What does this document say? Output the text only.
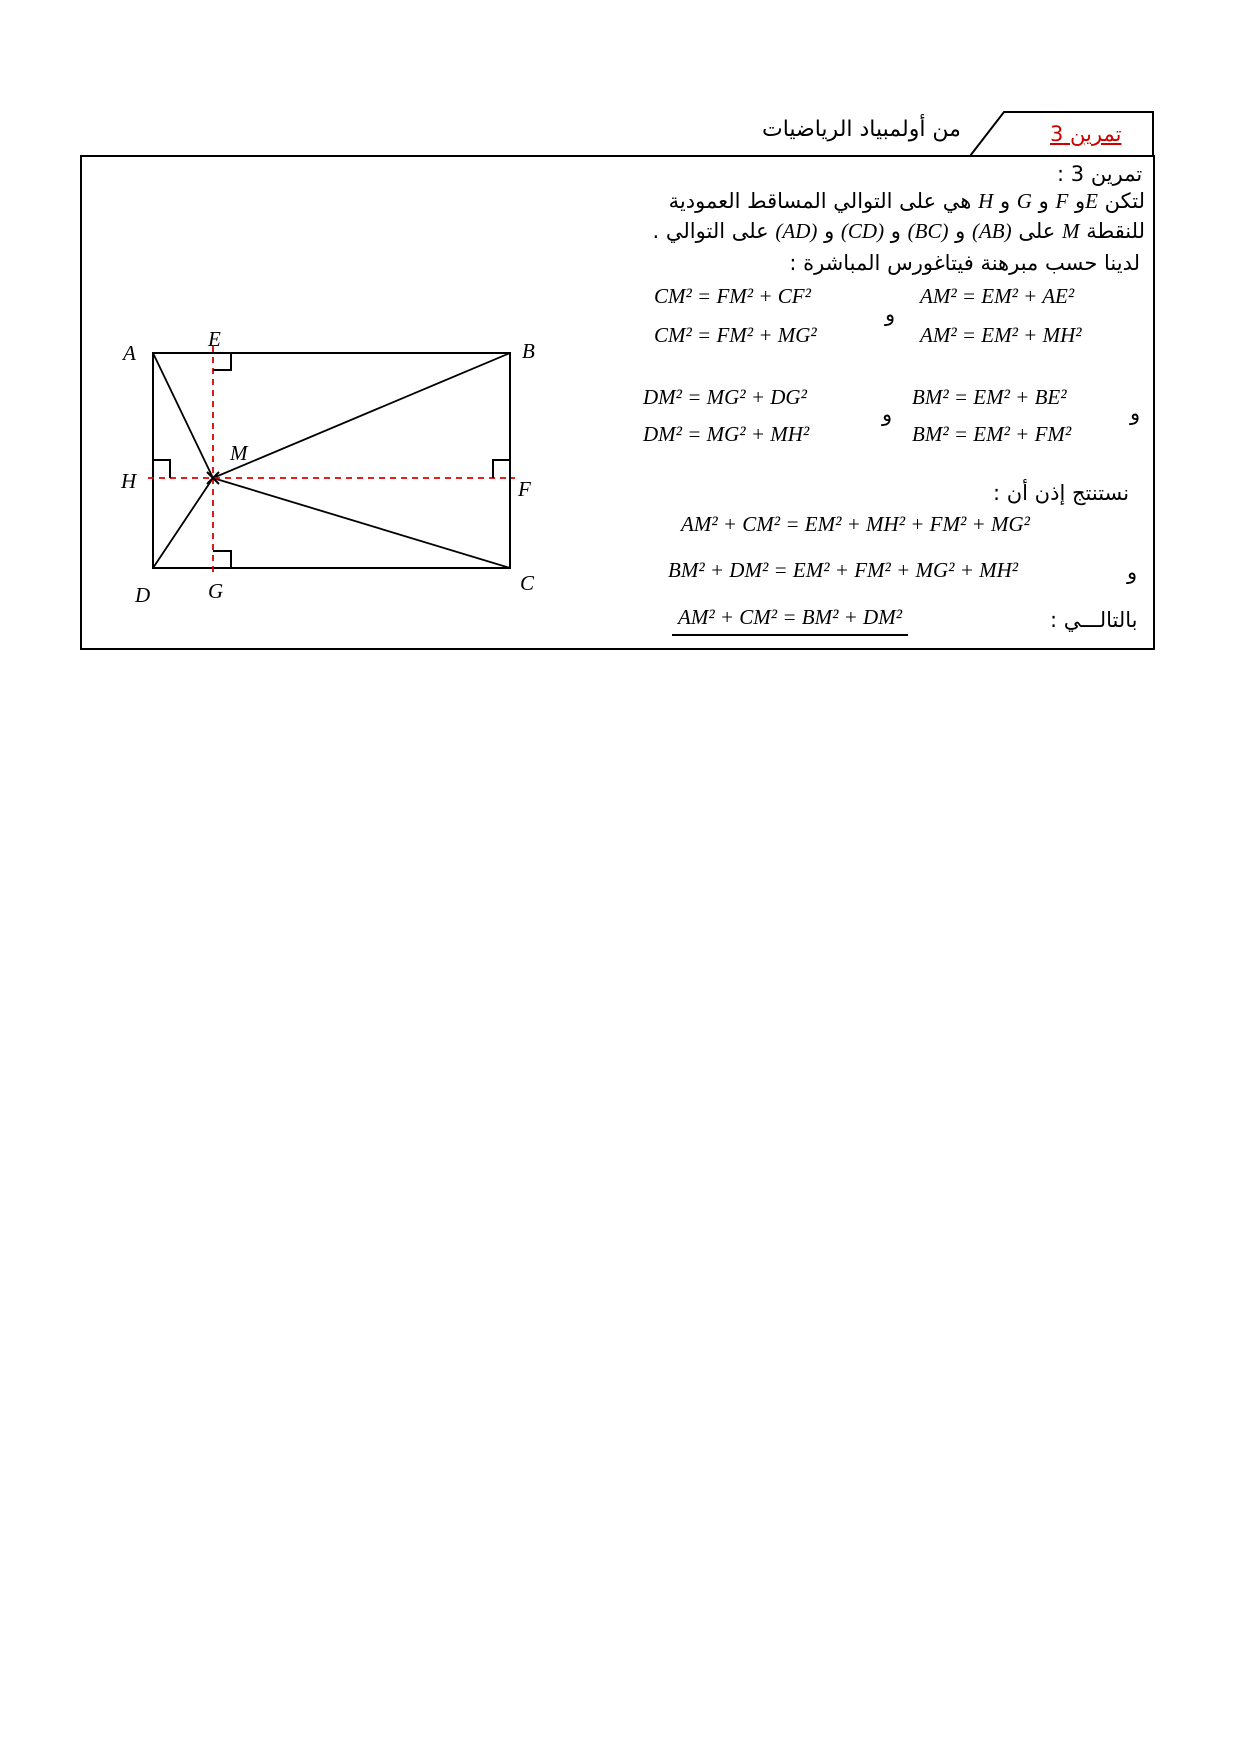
تمرين 3
من أولمبياد الرياضيات
تمرين 3 :
لتكن Eو F و G و H هي على التوالي المساقط العمودية
للنقطة M على (AB) و (BC) و (CD) و (AD) على التوالي .
لدينا حسب مبرهنة فيتاغورس المباشرة :
AM² = EM² + AE²
AM² = EM² + MH²
و
CM² = FM² + CF²
CM² = FM² + MG²
و
BM² = EM² + BE²
BM² = EM² + FM²
و
DM² = MG² + DG²
DM² = MG² + MH²
نستنتج إذن أن :
AM² + CM² = EM² + MH² + FM² + MG²
و
BM² + DM² = EM² + FM² + MG² + MH²
بالتالـــي :
AM² + CM² = BM² + DM²
A	B
C
D
E
F
G
H
M
